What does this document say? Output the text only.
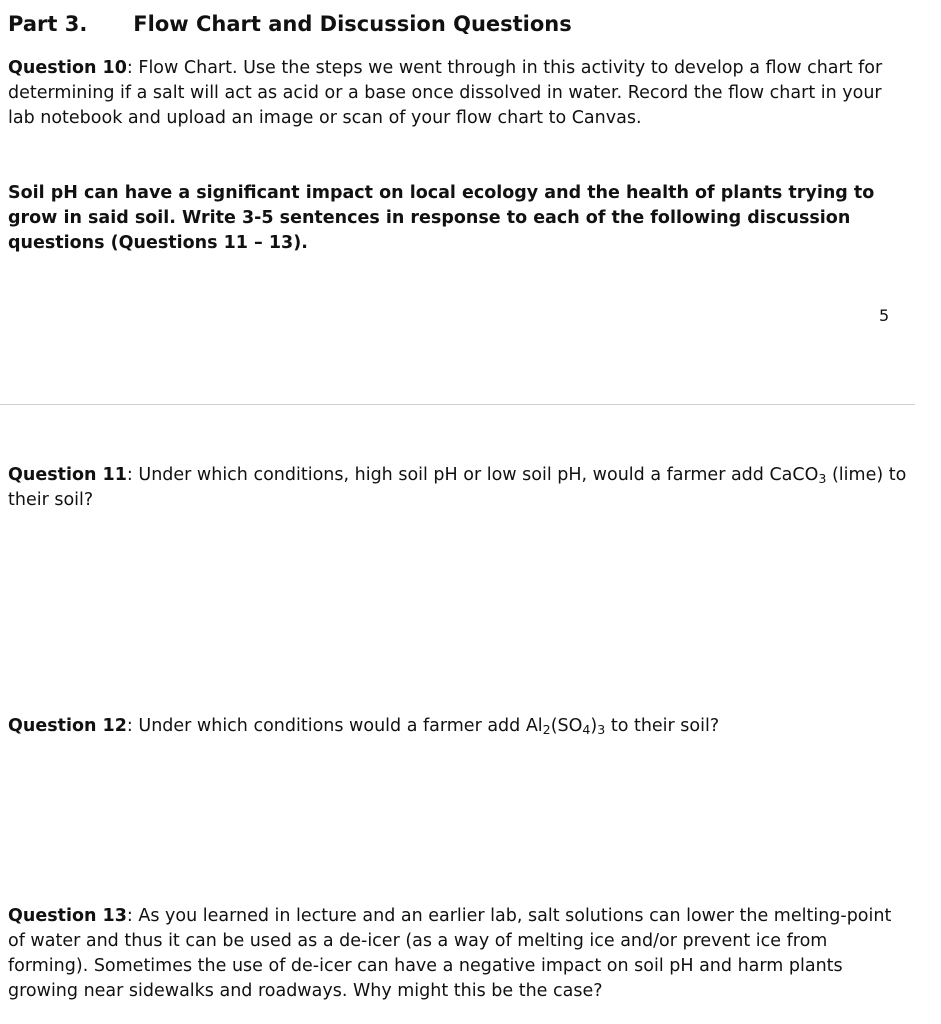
Part 3. Flow Chart and Discussion Questions
Question 10: Flow Chart. Use the steps we went through in this activity to develop a flow chart for determining if a salt will act as acid or a base once dissolved in water. Record the flow chart in your lab notebook and upload an image or scan of your flow chart to Canvas.
Soil pH can have a significant impact on local ecology and the health of plants trying to grow in said soil. Write 3-5 sentences in response to each of the following discussion questions (Questions 11 – 13).
5
Question 11: Under which conditions, high soil pH or low soil pH, would a farmer add CaCO$_3$ (lime) to their soil?
Question 12: Under which conditions would a farmer add $Al_2(SO_4)_3$ to their soil?
Question 13: As you learned in lecture and an earlier lab, salt solutions can lower the melting-point of water and thus it can be used as a de-icer (as a way of melting ice and/or prevent ice from forming). Sometimes the use of de-icer can have a negative impact on soil pH and harm plants growing near sidewalks and roadways. Why might this be the case?
